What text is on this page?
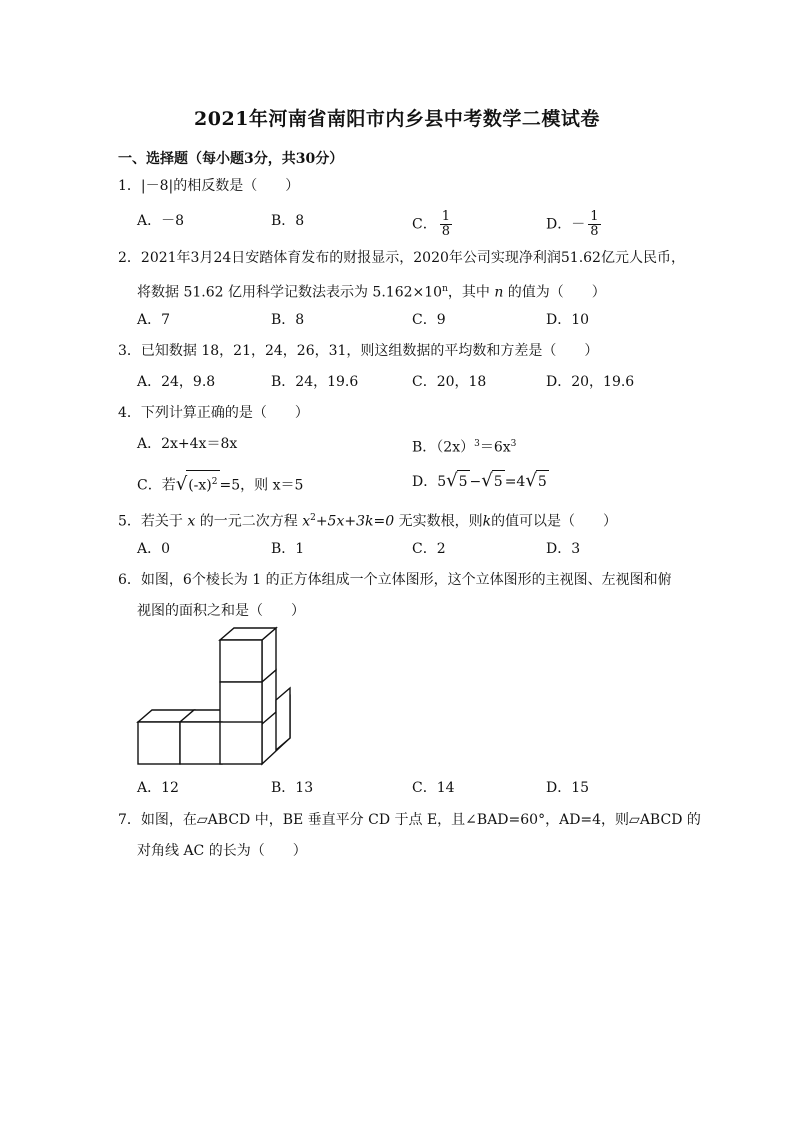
2021年河南省南阳市内乡县中考数学二模试卷
一、选择题（每小题3分，共30分）
1．|－8|的相反数是（　　）
A．－8	B．8	C． $\frac{1}{8}$	D．－ $\frac{1}{8}$
2．2021年3月24日安踏体育发布的财报显示，2020年公司实现净利润51.62亿元人民币，
将数据 51.62 亿用科学记数法表示为 $5.162\times 10^n$，其中 n 的值为（　　）
A．7	B．8	C．9	D．10
3．已知数据 18，21，24，26，31，则这组数据的平均数和方差是（　　）
A．24，9.8	B．24，19.6	C．20，18	D．20，19.6
4．下列计算正确的是（　　）
A．2x+4x＝8x	B．$(2x)^3=6x^3$
C．若$√(-x)^2 =5$，则 x＝5	D．5√5 −√5 =4√5
5．若关于 x 的一元二次方程 $x^2+5x+3k=0$ 无实数根，则k的值可以是（　　）
A．0	B．1	C．2	D．3
6．如图，6个棱长为 1 的正方体组成一个立体图形，这个立体图形的主视图、左视图和俯
视图的面积之和是（　　）
A．12	B．13	C．14	D．15
7．如图，在▱ABCD 中，BE 垂直平分 CD 于点 E，且∠BAD=60°，AD=4，则▱ABCD 的
对角线 AC 的长为（　　）
